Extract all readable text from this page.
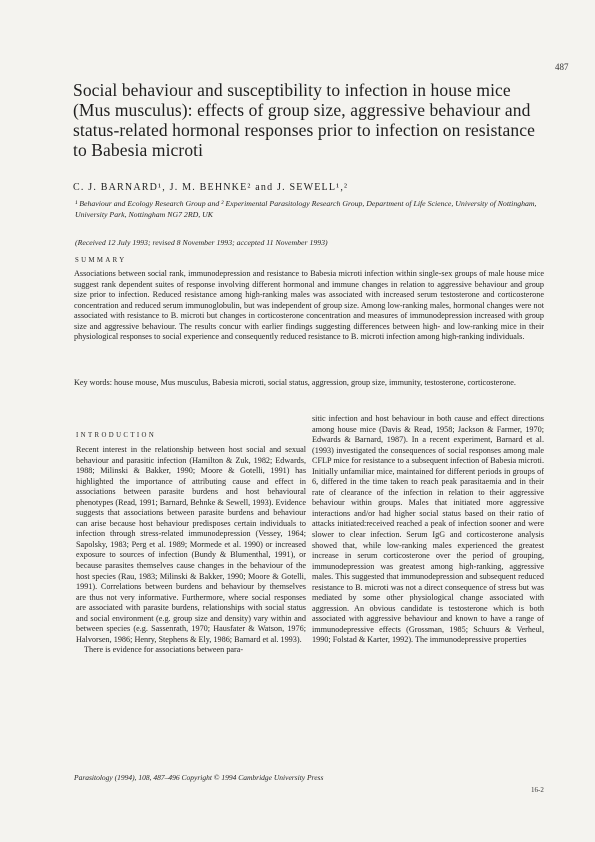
487
Social behaviour and susceptibility to infection in house mice (Mus musculus): effects of group size, aggressive behaviour and status-related hormonal responses prior to infection on resistance to Babesia microti

C. J. BARNARD¹, J. M. BEHNKE² and J. SEWELL¹,²

¹ Behaviour and Ecology Research Group and ² Experimental Parasitology Research Group, Department of Life Science, University of Nottingham, University Park, Nottingham NG7 2RD, UK

(Received 12 July 1993; revised 8 November 1993; accepted 11 November 1993)

SUMMARY

Associations between social rank, immunodepression and resistance to Babesia microti infection within single-sex groups of male house mice suggest rank dependent suites of response involving different hormonal and immune changes in relation to aggressive behaviour and group size prior to infection. Reduced resistance among high-ranking males was associated with increased serum testosterone and corticosterone concentration and reduced serum immunoglobulin, but was independent of group size. Among low-ranking males, hormonal changes were not associated with resistance to B. microti but changes in corticosterone concentration and measures of immunodepression increased with group size and aggressive behaviour. The results concur with earlier findings suggesting differences between high- and low-ranking mice in their physiological responses to social experience and consequently reduced resistance to B. microti infection among high-ranking individuals.

Key words: house mouse, Mus musculus, Babesia microti, social status, aggression, group size, immunity, testosterone, corticosterone.

INTRODUCTION

Recent interest in the relationship between host social and sexual behaviour and parasitic infection (Hamilton & Zuk, 1982; Edwards, 1988; Milinski & Bakker, 1990; Moore & Gotelli, 1991) has highlighted the importance of attributing cause and effect in associations between parasite burdens and host behavioural phenotypes (Read, 1991; Barnard, Behnke & Sewell, 1993). Evidence suggests that associations between parasite burdens and behaviour can arise because host behaviour predisposes certain individuals to infection through stress-related immunodepression (Vessey, 1964; Sapolsky, 1983; Perg et al. 1989; Mormede et al. 1990) or increased exposure to sources of infection (Bundy & Blumenthal, 1991), or because parasites themselves cause changes in the behaviour of the host species (Rau, 1983; Milinski & Bakker, 1990; Moore & Gotelli, 1991). Correlations between burdens and behaviour by themselves are thus not very informative. Furthermore, where social responses are associated with parasite burdens, relationships with social status and social environment (e.g. group size and density) vary within and between species (e.g. Sassenrath, 1970; Hausfater & Watson, 1976; Halvorsen, 1986; Henry, Stephens & Ely, 1986; Barnard et al. 1993).

There is evidence for associations between para-

sitic infection and host behaviour in both cause and effect directions among house mice (Davis & Read, 1958; Jackson & Farmer, 1970; Edwards & Barnard, 1987). In a recent experiment, Barnard et al. (1993) investigated the consequences of social responses among male CFLP mice for resistance to a subsequent infection of Babesia microti. Initially unfamiliar mice, maintained for different periods in groups of 6, differed in the time taken to reach peak parasitaemia and in their rate of clearance of the infection in relation to their aggressive behaviour within groups. Males that initiated more aggressive interactions and/or had higher social status based on their ratio of attacks initiated:received reached a peak of infection sooner and were slower to clear infection. Serum IgG and corticosterone analysis showed that, while low-ranking males experienced the greatest increase in serum corticosterone over the period of grouping, immunodepression was greatest among high-ranking, aggressive males. This suggested that immunodepression and subsequent reduced resistance to B. microti was not a direct consequence of stress but was mediated by some other physiological change associated with aggression. An obvious candidate is testosterone which is both associated with aggressive behaviour and known to have a range of immunodepressive effects (Grossman, 1985; Schuurs & Verheul, 1990; Folstad & Karter, 1992). The immunodepressive properties

Parasitology (1994), 108, 487–496 Copyright © 1994 Cambridge University Press

16-2
